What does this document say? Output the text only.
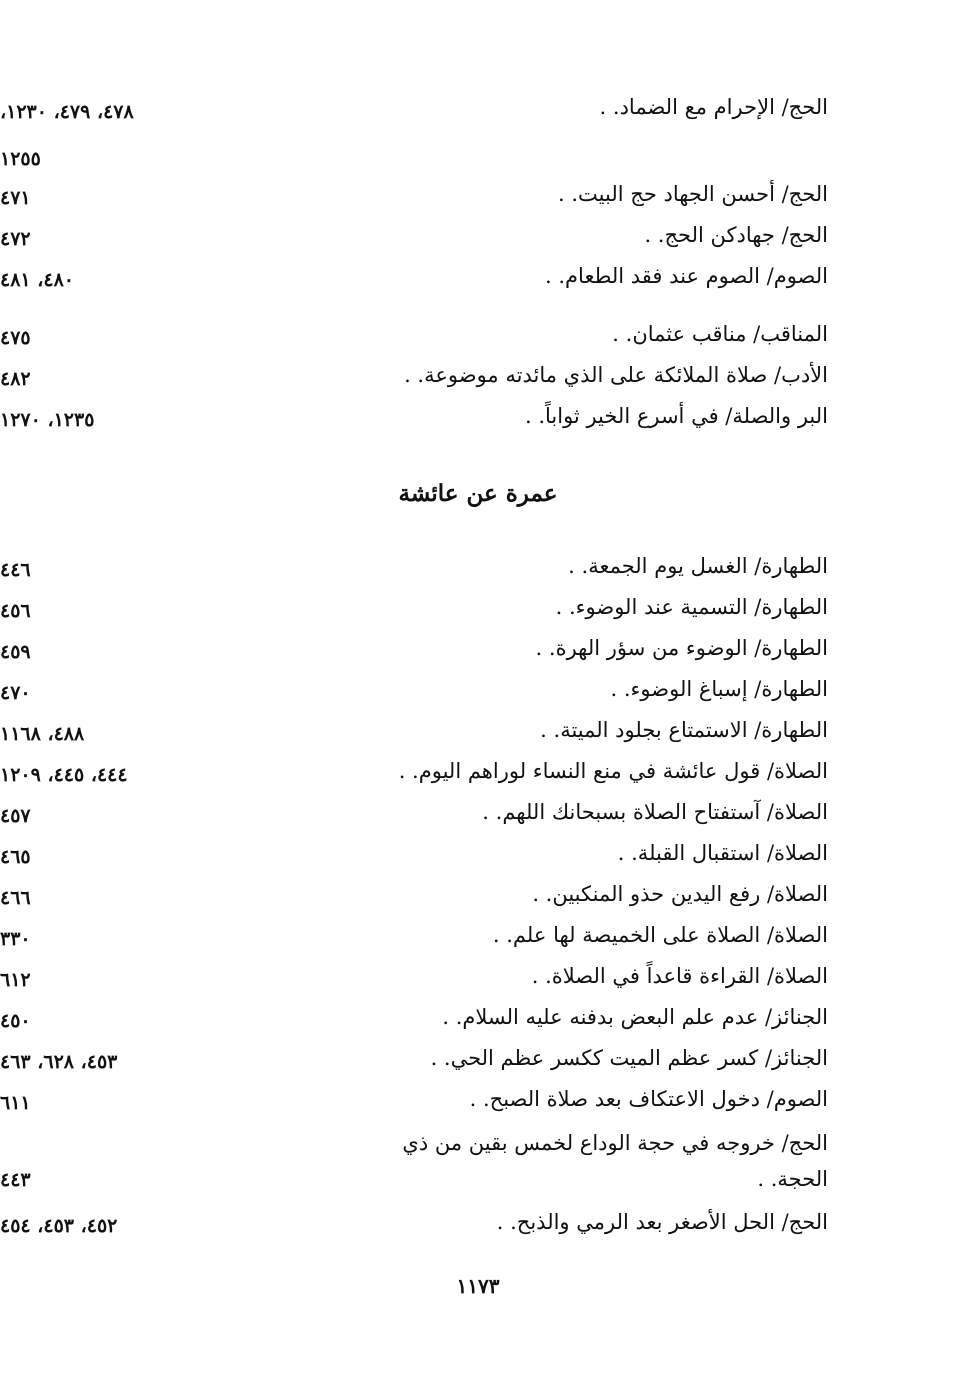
الحج/ الإحرام مع الضماد. .
٤٧٨، ٤٧٩، ١٢٣٠،
١٢٥٥
الحج/ أحسن الجهاد حج البيت. .
٤٧١
الحج/ جهادكن الحج. .
٤٧٢
الصوم/ الصوم عند فقد الطعام. .
٤٨٠، ٤٨١
المناقب/ مناقب عثمان. .
٤٧٥
الأدب/ صلاة الملائكة على الذي مائدته موضوعة. .
٤٨٢
البر والصلة/ في أسرع الخير ثواباً. .
١٢٣٥، ١٢٧٠
عمرة عن عائشة
الطهارة/ الغسل يوم الجمعة. .
٤٤٦
الطهارة/ التسمية عند الوضوء. .
٤٥٦
الطهارة/ الوضوء من سؤر الهرة. .
٤٥٩
الطهارة/ إسباغ الوضوء. .
٤٧٠
الطهارة/ الاستمتاع بجلود الميتة. .
٤٨٨، ١١٦٨
الصلاة/ قول عائشة في منع النساء لوراهم اليوم. .
٤٤٤، ٤٤٥، ١٢٠٩
الصلاة/ آستفتاح الصلاة بسبحانك اللهم. .
٤٥٧
الصلاة/ استقبال القبلة. .
٤٦٥
الصلاة/ رفع اليدين حذو المنكبين. .
٤٦٦
الصلاة/ الصلاة على الخميصة لها علم. .
٣٣٠
الصلاة/ القراءة قاعداً في الصلاة. .
٦١٢
الجنائز/ عدم علم البعض بدفنه عليه السلام. .
٤٥٠
الجنائز/ كسر عظم الميت ككسر عظم الحي. .
٤٥٣، ٦٢٨، ٤٦٣
الصوم/ دخول الاعتكاف بعد صلاة الصبح. .
٦١١
الحج/ خروجه في حجة الوداع لخمس بقين من ذي الحجة. .
٤٤٣
الحج/ الحل الأصغر بعد الرمي والذبح. .
٤٥٢، ٤٥٣، ٤٥٤
١١٧٣
